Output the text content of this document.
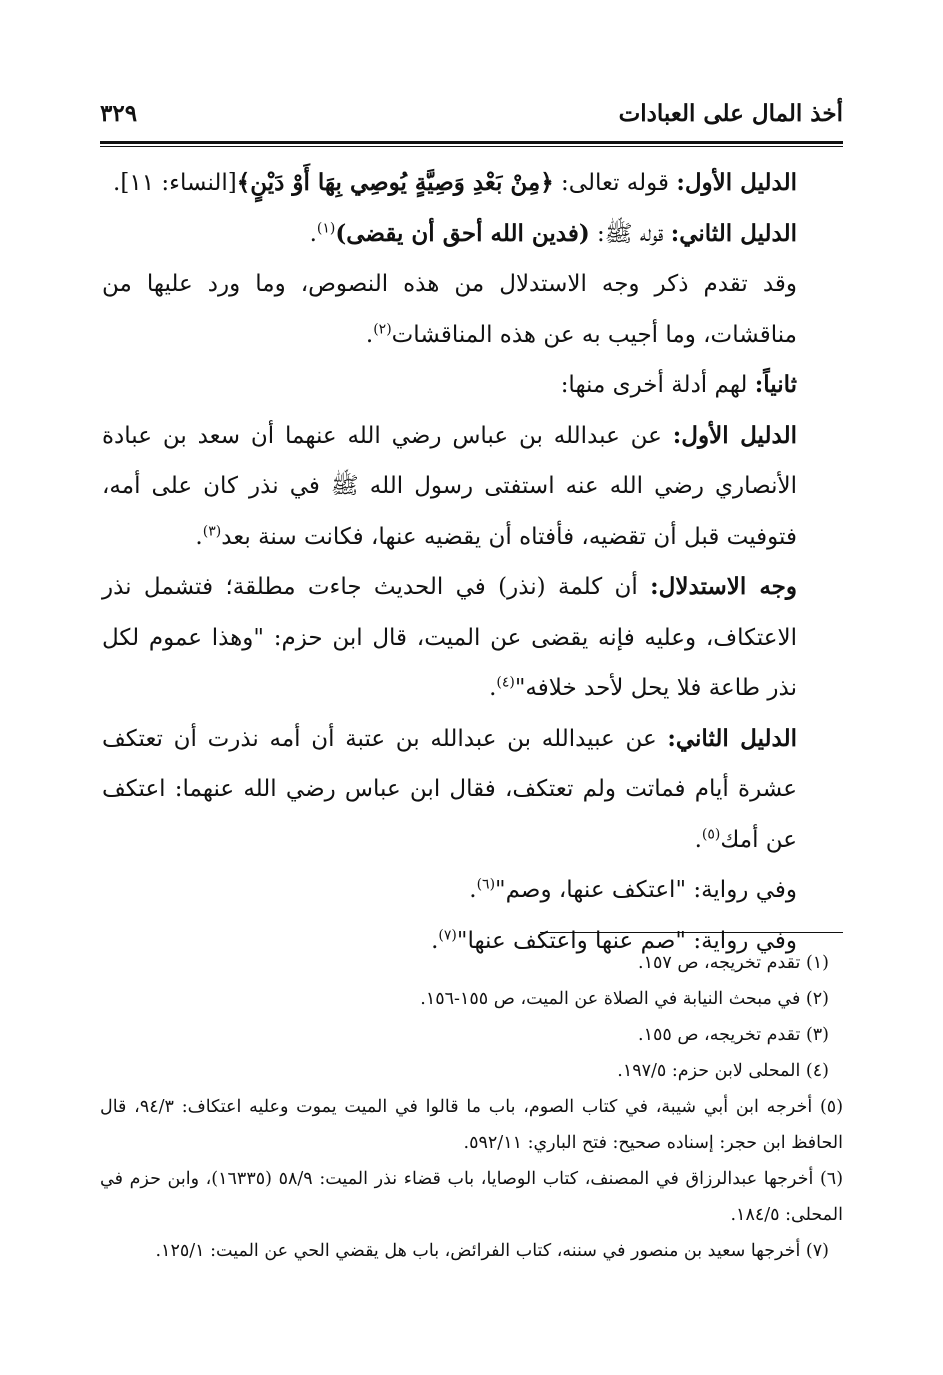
أخذ المال على العبادات
٣٢٩

الدليل الأول: قوله تعالى: ﴿مِنْ بَعْدِ وَصِيَّةٍ يُوصِي بِهَا أَوْ دَيْنٍ﴾[النساء: ١١].

الدليل الثاني: قوله ﷺ: (فدين الله أحق أن يقضى)$^{(١)}$.

وقد تقدم ذكر وجه الاستدلال من هذه النصوص، وما ورد عليها من مناقشات، وما أجيب به عن هذه المناقشات$^{(٢)}$.

ثانياً: لهم أدلة أخرى منها:

الدليل الأول: عن عبدالله بن عباس رضي الله عنهما أن سعد بن عبادة الأنصاري رضي الله عنه استفتى رسول الله ﷺ في نذر كان على أمه، فتوفيت قبل أن تقضيه، فأفتاه أن يقضيه عنها، فكانت سنة بعد$^{(٣)}$.

وجه الاستدلال: أن كلمة (نذر) في الحديث جاءت مطلقة؛ فتشمل نذر الاعتكاف، وعليه فإنه يقضى عن الميت، قال ابن حزم: "وهذا عموم لكل نذر طاعة فلا يحل لأحد خلافه"$^{(٤)}$.

الدليل الثاني: عن عبيدالله بن عبدالله بن عتبة أن أمه نذرت أن تعتكف عشرة أيام فماتت ولم تعتكف، فقال ابن عباس رضي الله عنهما: اعتكف عن أمك$^{(٥)}$.

وفي رواية: "اعتكف عنها، وصم"$^{(٦)}$.

وفي رواية: "صم عنها واعتكف عنها"$^{(٧)}$.

(١) تقدم تخريجه، ص ١٥٧.

(٢) في مبحث النيابة في الصلاة عن الميت، ص ١٥٥-١٥٦.

(٣) تقدم تخريجه، ص ١٥٥.

(٤) المحلى لابن حزم: ١٩٧/٥.

(٥) أخرجه ابن أبي شيبة، في كتاب الصوم، باب ما قالوا في الميت يموت وعليه اعتكاف: ٩٤/٣، قال الحافظ ابن حجر: إسناده صحيح: فتح الباري: ٥٩٢/١١.

(٦) أخرجها عبدالرزاق في المصنف، كتاب الوصايا، باب قضاء نذر الميت: ٥٨/٩ (١٦٣٣٥)، وابن حزم في المحلى: ١٨٤/٥.

(٧) أخرجها سعيد بن منصور في سننه، كتاب الفرائض، باب هل يقضي الحي عن الميت: ١٢٥/١.
